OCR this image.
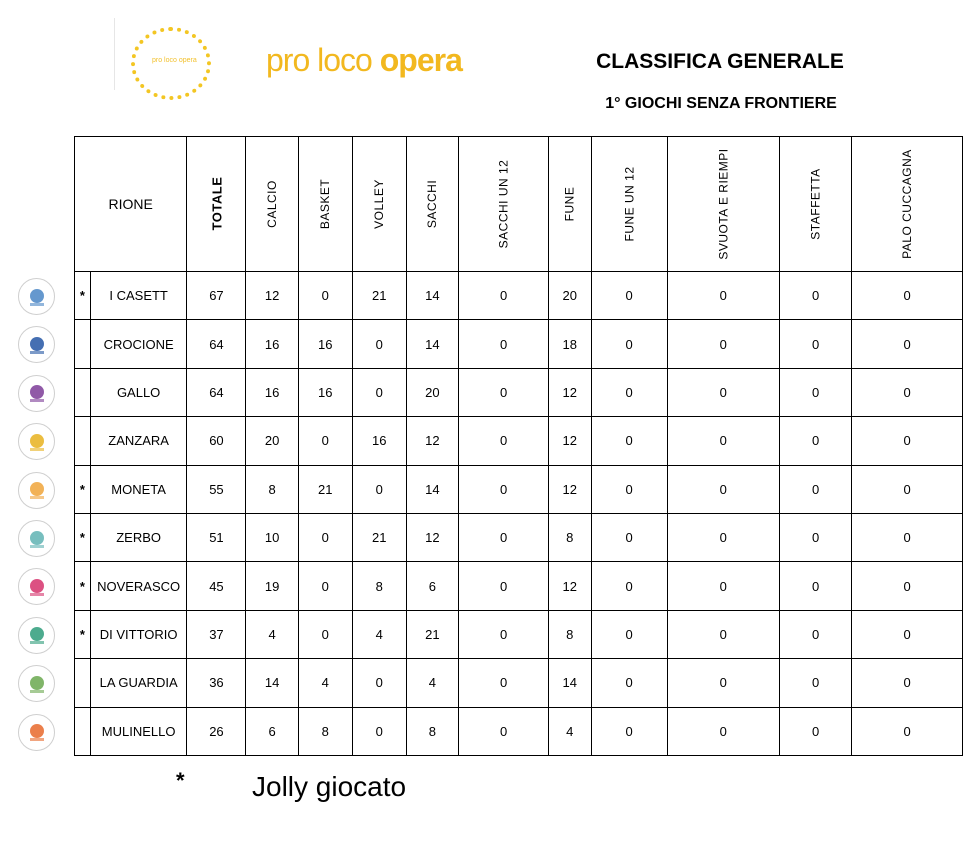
pro loco opera pro loco opera	CLASSIFICA GENERALE
1° GIOCHI SENZA FRONTIERE
RIONE		TOTALE	CALCIO	BASKET	VOLLEY	SACCHI	SACCHI UN 12	FUNE	FUNE UN 12	SVUOTA E RIEMPI	STAFFETTA	PALO CUCCAGNA
*	I CASETT	67	12	0	21	14	0	20	0	0	0	0
	CROCIONE	64	16	16	0	14	0	18	0	0	0	0
	GALLO	64	16	16	0	20	0	12	0	0	0	0
	ZANZARA	60	20	0	16	12	0	12	0	0	0	0
*	MONETA	55	8	21	0	14	0	12	0	0	0	0
*	ZERBO	51	10	0	21	12	0	8	0	0	0	0
*	NOVERASCO	45	19	0	8	6	0	12	0	0	0	0
*	DI VITTORIO	37	4	0	4	21	0	8	0	0	0	0
	LA GUARDIA	36	14	4	0	4	0	14	0	0	0	0
	MULINELLO	26	6	8	0	8	0	4	0	0	0	0
* Jolly giocato
